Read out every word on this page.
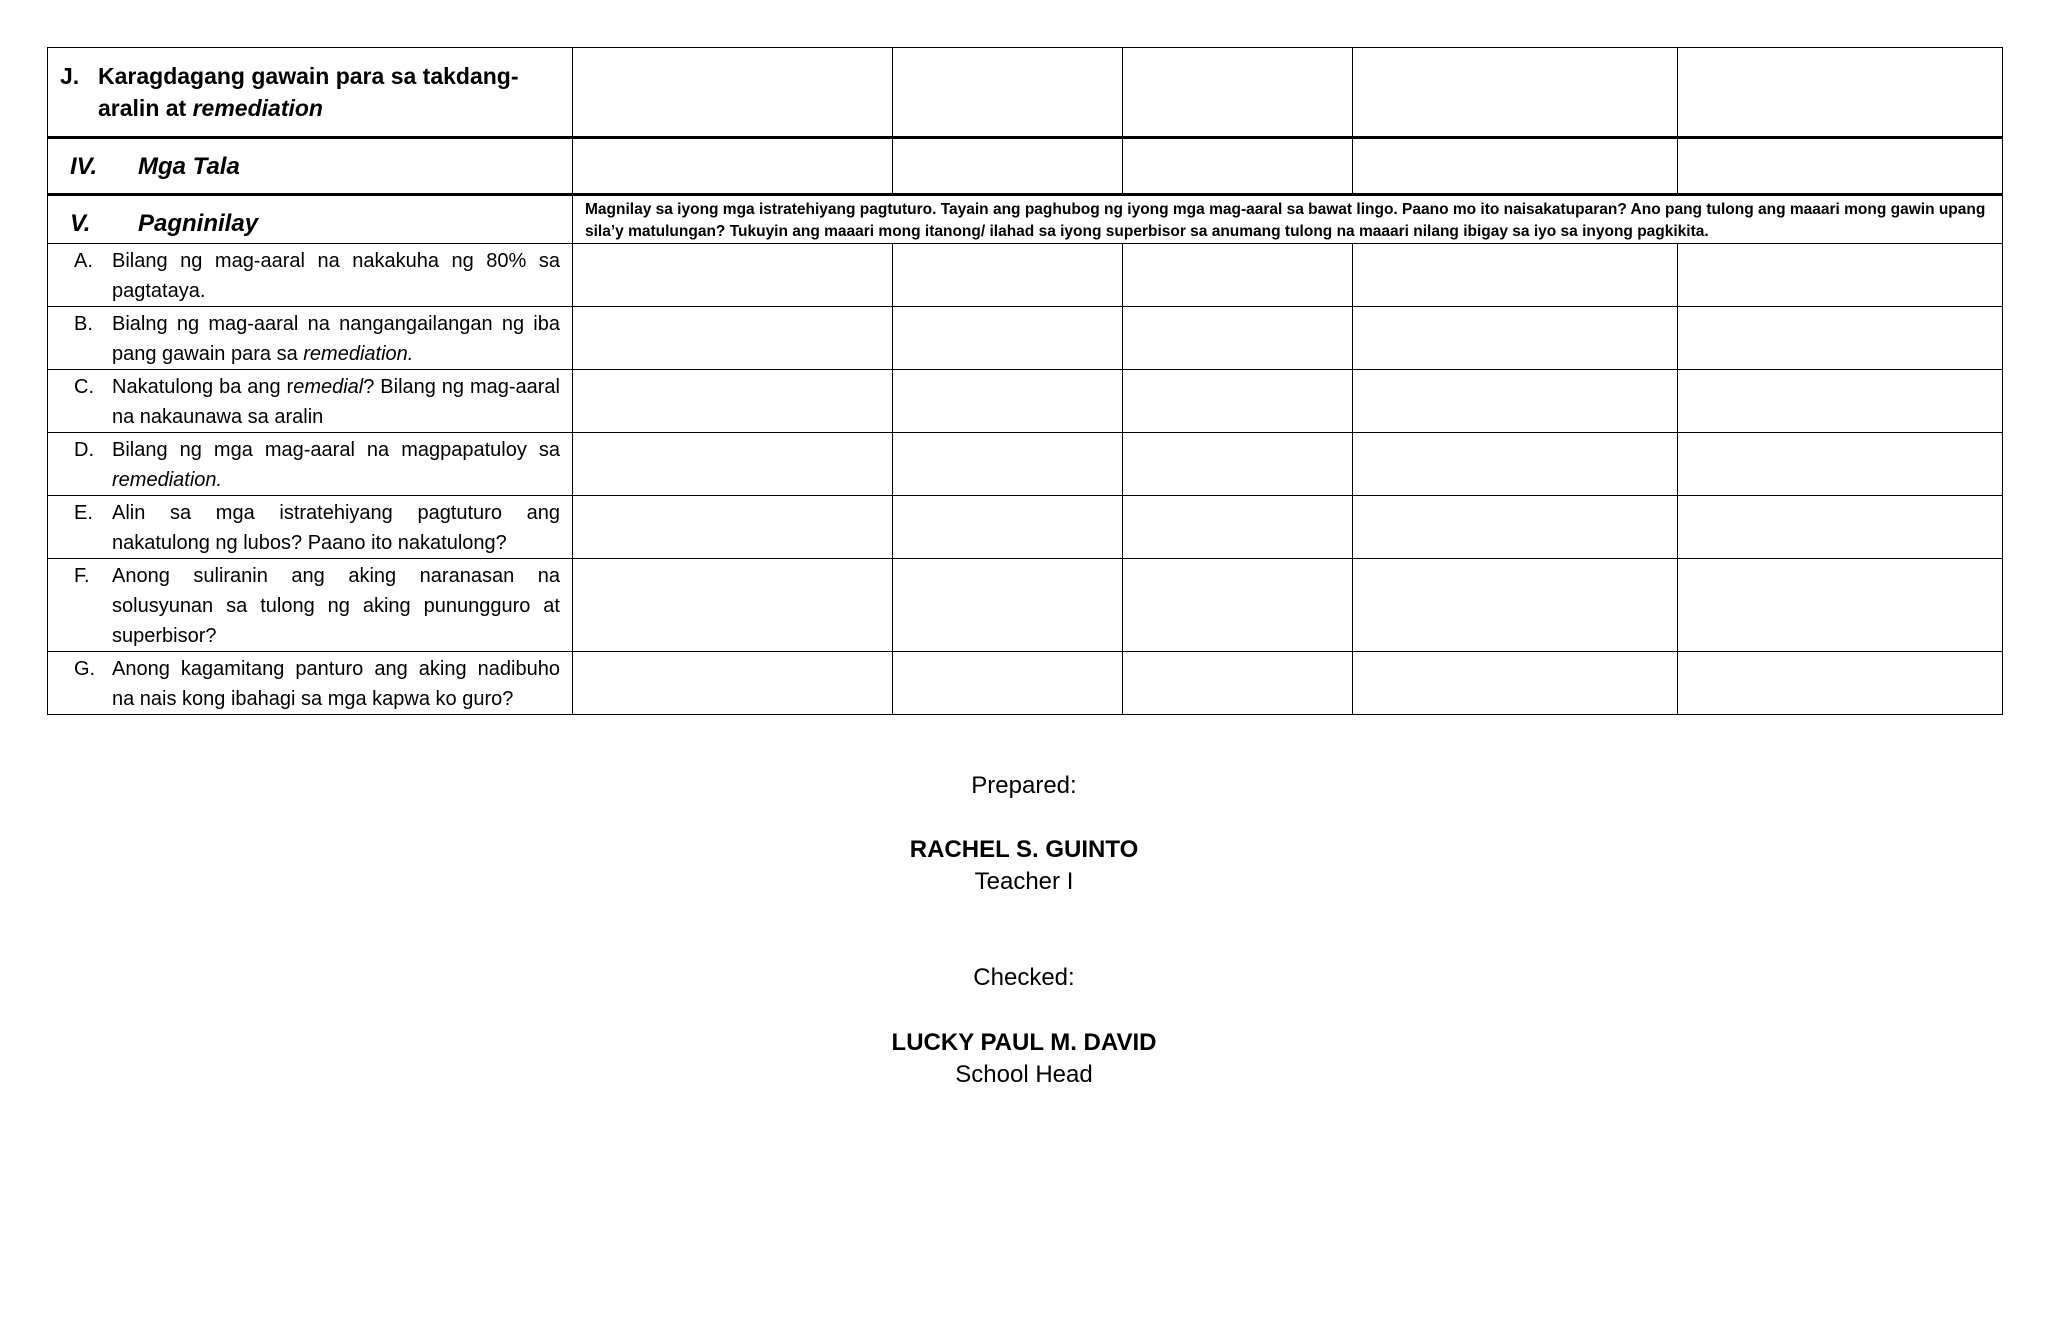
J. Karagdagang gawain para sa takdang-aralin at remediation					

IV. Mga Tala					

V. Pagninilay	Magnilay sa iyong mga istratehiyang pagtuturo. Tayain ang paghubog ng iyong mga mag-aaral sa bawat lingo. Paano mo ito naisakatuparan? Ano pang tulong ang maaari mong gawin upang sila’y matulungan? Tukuyin ang maaari mong itanong/ ilahad sa iyong superbisor sa anumang tulong na maaari nilang ibigay sa iyo sa inyong pagkikita.				

A. Bilang ng mag-aaral na nakakuha ng 80% sa pagtataya.					

B. Bialng ng mag-aaral na nangangailangan ng iba pang gawain para sa remediation.					

C. Nakatulong ba ang remedial? Bilang ng mag-aaral na nakaunawa sa aralin					

D. Bilang ng mga mag-aaral na magpapatuloy sa remediation.					

E. Alin sa mga istratehiyang pagtuturo ang nakatulong ng lubos? Paano ito nakatulong?					

F. Anong suliranin ang aking naranasan na solusyunan sa tulong ng aking punungguro at superbisor?					

G. Anong kagamitang panturo ang aking nadibuho na nais kong ibahagi sa mga kapwa ko guro?					

Prepared:
RACHEL S. GUINTO
Teacher I
Checked:
LUCKY PAUL M. DAVID
School Head
